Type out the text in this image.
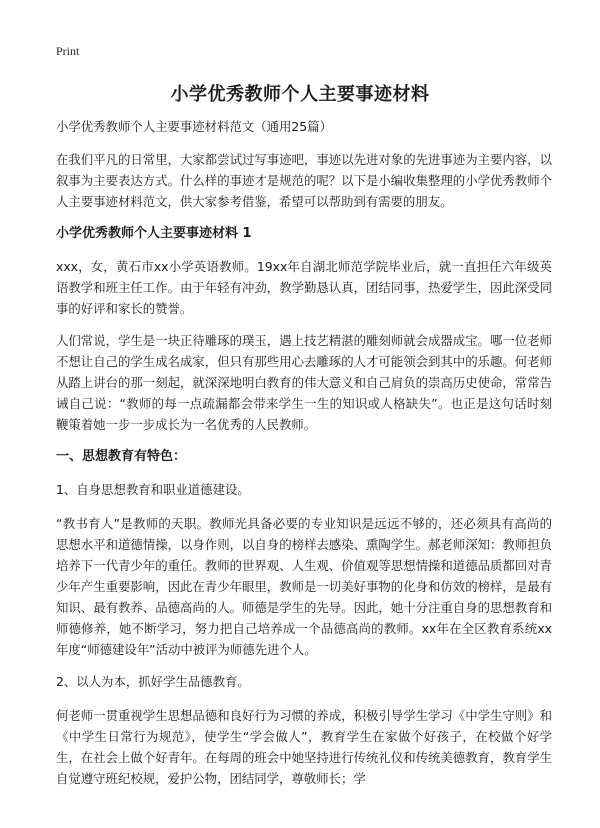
Print
小学优秀教师个人主要事迹材料

小学优秀教师个人主要事迹材料范文（通用25篇）

在我们平凡的日常里，大家都尝试过写事迹吧，事迹以先进对象的先进事迹为主要内容，以叙事为主要表达方式。什么样的事迹才是规范的呢？以下是小编收集整理的小学优秀教师个人主要事迹材料范文，供大家参考借鉴，希望可以帮助到有需要的朋友。

小学优秀教师个人主要事迹材料 1

xxx，女，黄石市xx小学英语教师。19xx年自湖北师范学院毕业后，就一直担任六年级英语教学和班主任工作。由于年轻有冲劲，教学勤恳认真，团结同事，热爱学生，因此深受同事的好评和家长的赞誉。

人们常说，学生是一块正待雕琢的璞玉，遇上技艺精湛的雕刻师就会成器成宝。哪一位老师不想让自己的学生成名成家，但只有那些用心去雕琢的人才可能领会到其中的乐趣。何老师从踏上讲台的那一刻起，就深深地明白教育的伟大意义和自己肩负的崇高历史使命，常常告诫自己说：“教师的每一点疏漏都会带来学生一生的知识或人格缺失”。也正是这句话时刻鞭策着她一步一步成长为一名优秀的人民教师。

一、思想教育有特色：

1、自身思想教育和职业道德建设。

“教书育人”是教师的天职。教师光具备必要的专业知识是远远不够的，还必须具有高尚的思想水平和道德情操，以身作则，以自身的榜样去感染、熏陶学生。郝老师深知：教师担负培养下一代青少年的重任。教师的世界观、人生观、价值观等思想情操和道德品质都回对青少年产生重要影响，因此在青少年眼里，教师是一切美好事物的化身和仿效的榜样，是最有知识、最有教养、品德高尚的人。师德是学生的先导。因此，她十分注重自身的思想教育和师德修养，她不断学习，努力把自己培养成一个品德高尚的教师。xx年在全区教育系统xx年度“师德建设年”活动中被评为师德先进个人。

2、以人为本，抓好学生品德教育。

何老师一贯重视学生思想品德和良好行为习惯的养成，积极引导学生学习《中学生守则》和《中学生日常行为规范》，使学生“学会做人”，教育学生在家做个好孩子，在校做个好学生，在社会上做个好青年。在每周的班会中她坚持进行传统礼仪和传统美德教育，教育学生自觉遵守班纪校规，爱护公物，团结同学，尊敬师长；学
